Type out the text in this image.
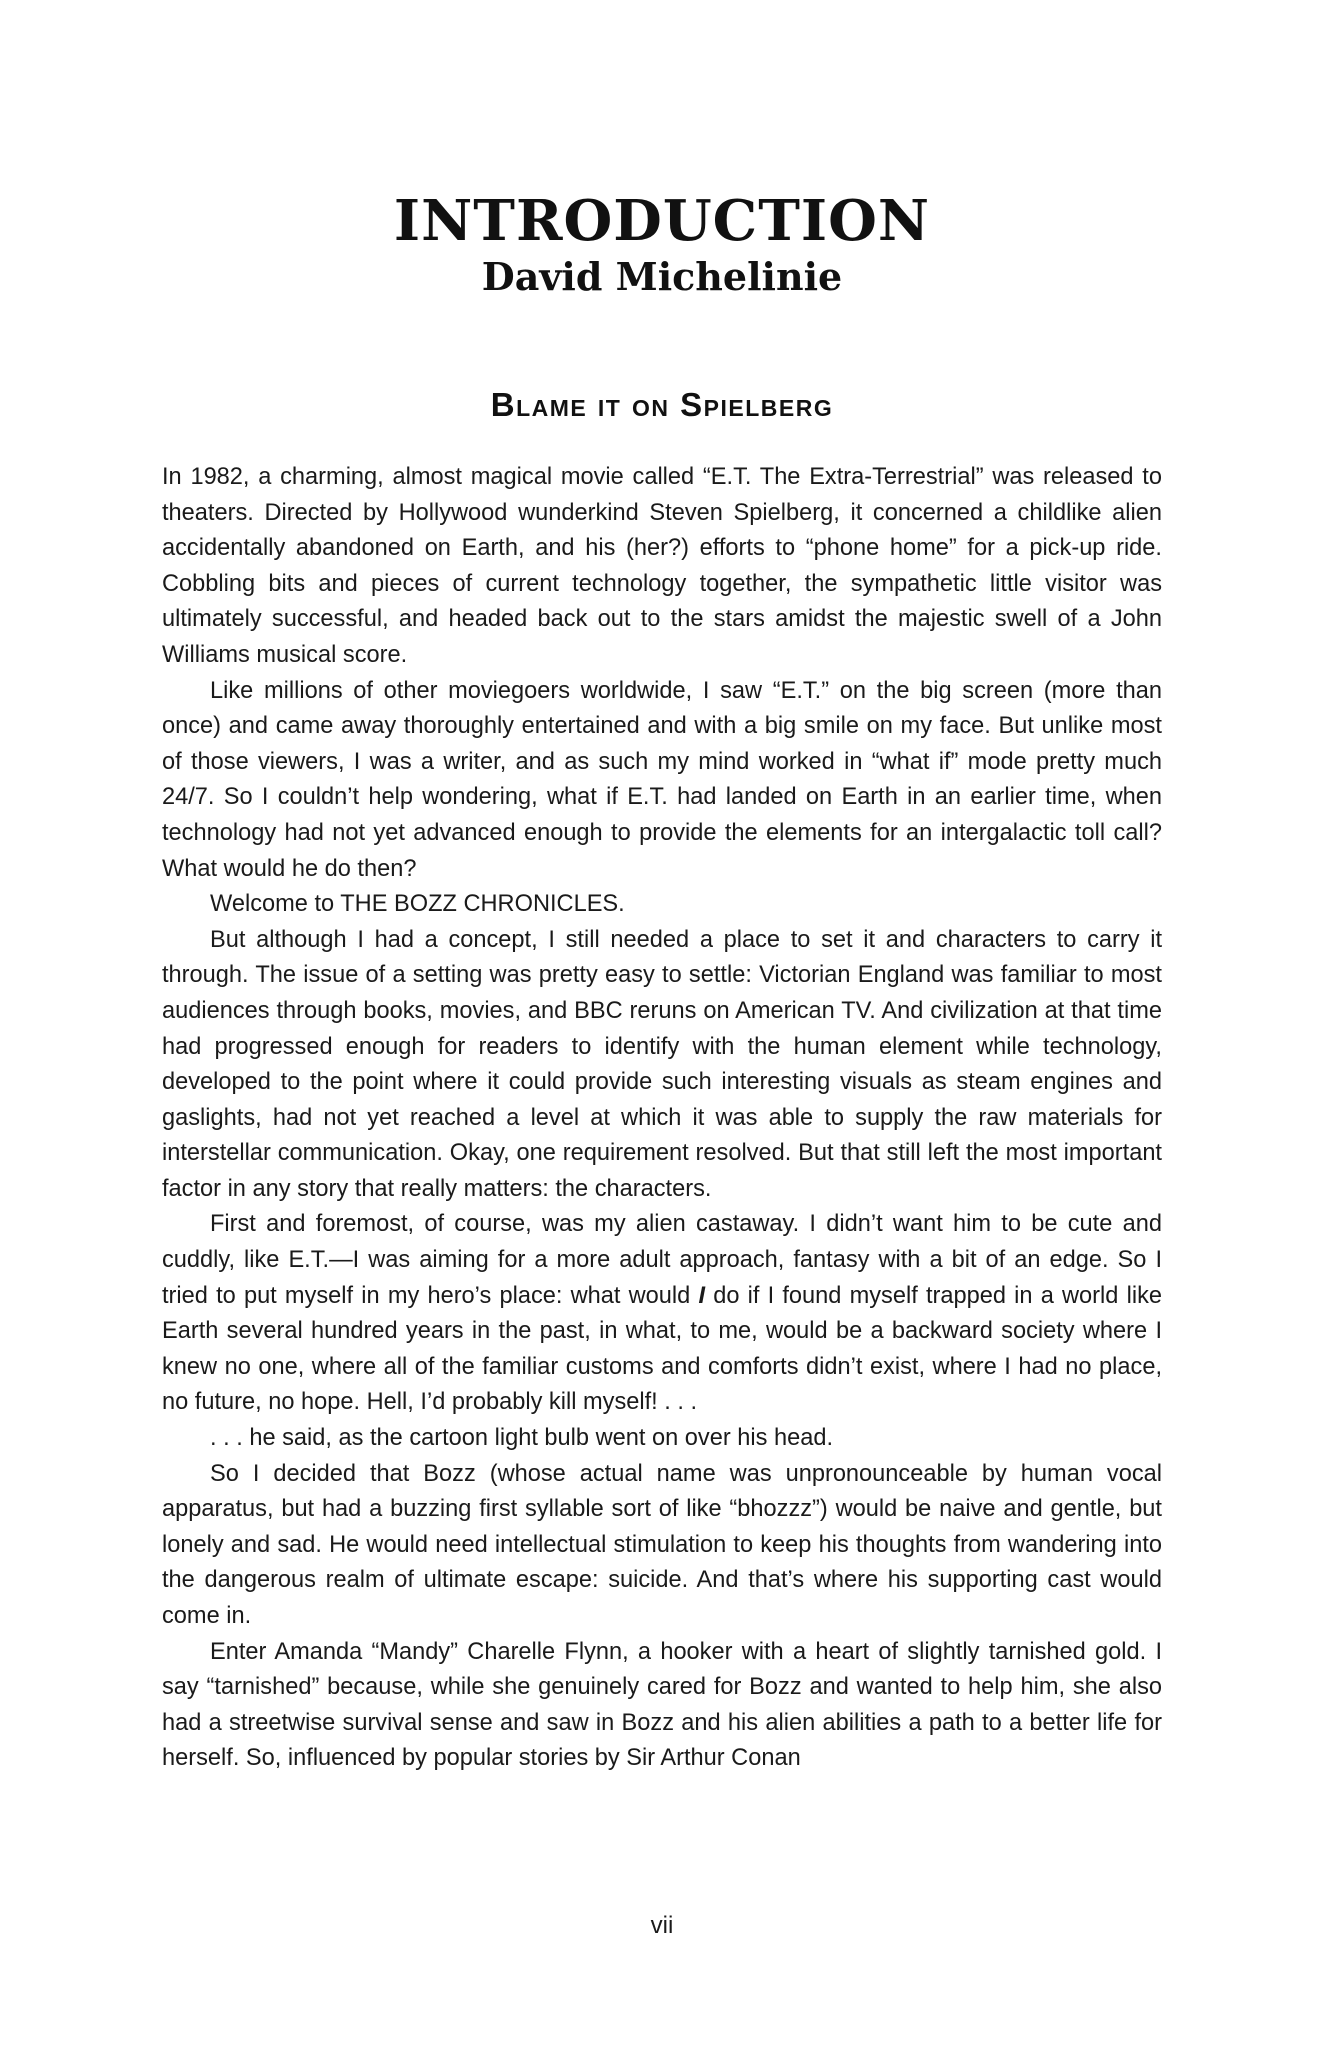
INTRODUCTION
David Michelinie
Blame it on Spielberg

In 1982, a charming, almost magical movie called “E.T. The Extra-Terrestrial” was released to theaters. Directed by Hollywood wunderkind Steven Spielberg, it concerned a childlike alien accidentally abandoned on Earth, and his (her?) efforts to “phone home” for a pick-up ride. Cobbling bits and pieces of current technology together, the sympathetic little visitor was ultimately successful, and headed back out to the stars amidst the majestic swell of a John Williams musical score.

Like millions of other moviegoers worldwide, I saw “E.T.” on the big screen (more than once) and came away thoroughly entertained and with a big smile on my face. But unlike most of those viewers, I was a writer, and as such my mind worked in “what if” mode pretty much 24/7. So I couldn’t help wondering, what if E.T. had landed on Earth in an earlier time, when technology had not yet advanced enough to provide the elements for an intergalactic toll call? What would he do then?

Welcome to THE BOZZ CHRONICLES.

But although I had a concept, I still needed a place to set it and characters to carry it through. The issue of a setting was pretty easy to settle: Victorian England was familiar to most audiences through books, movies, and BBC reruns on American TV. And civilization at that time had progressed enough for readers to identify with the human element while technology, developed to the point where it could provide such interesting visuals as steam engines and gaslights, had not yet reached a level at which it was able to supply the raw materials for interstellar communication. Okay, one requirement resolved. But that still left the most important factor in any story that really matters: the characters.

First and foremost, of course, was my alien castaway. I didn’t want him to be cute and cuddly, like E.T.—I was aiming for a more adult approach, fantasy with a bit of an edge. So I tried to put myself in my hero’s place: what would I do if I found myself trapped in a world like Earth several hundred years in the past, in what, to me, would be a backward society where I knew no one, where all of the familiar customs and comforts didn’t exist, where I had no place, no future, no hope. Hell, I’d probably kill myself! . . .

. . . he said, as the cartoon light bulb went on over his head.

So I decided that Bozz (whose actual name was unpronounceable by human vocal apparatus, but had a buzzing first syllable sort of like “bhozzz”) would be naive and gentle, but lonely and sad. He would need intellectual stimulation to keep his thoughts from wandering into the dangerous realm of ultimate escape: suicide. And that’s where his supporting cast would come in.

Enter Amanda “Mandy” Charelle Flynn, a hooker with a heart of slightly tarnished gold. I say “tarnished” because, while she genuinely cared for Bozz and wanted to help him, she also had a streetwise survival sense and saw in Bozz and his alien abilities a path to a better life for herself. So, influenced by popular stories by Sir Arthur Conan

vii
